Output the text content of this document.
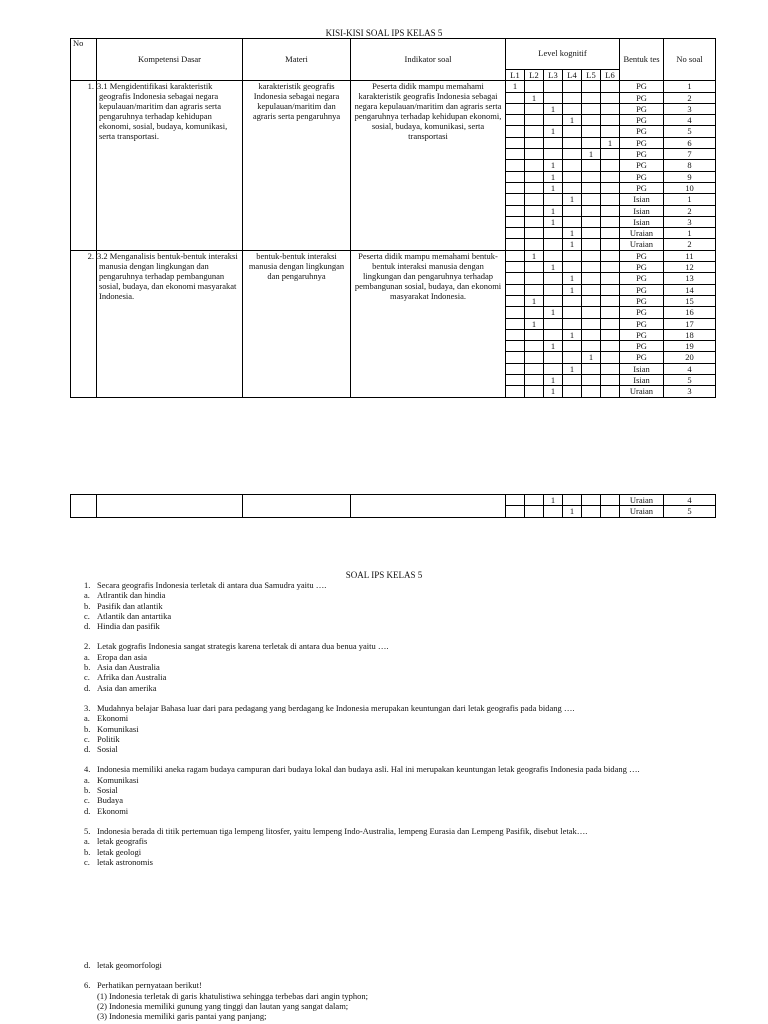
KISI-KISI SOAL IPS KELAS 5
No	Kompetensi Dasar	Materi	Indikator soal	Level kognitif						Bentuk tes	No soal
				L1	L2	L3	L4	L5	L6		
1.	3.1 Mengidentifikasi karakteristik geografis Indonesia sebagai negara kepulauan/maritim dan agraris serta pengaruhnya terhadap kehidupan ekonomi, sosial, budaya, komunikasi, serta transportasi.	karakteristik geografis Indonesia sebagai negara kepulauan/maritim dan agraris serta pengaruhnya	Peserta didik mampu memahami karakteristik geografis Indonesia sebagai negara kepulauan/maritim dan agraris serta pengaruhnya terhadap kehidupan ekonomi, sosial, budaya, komunikasi, serta transportasi	1						PG	1
					1					PG	2
						1				PG	3
							1			PG	4
						1				PG	5
									1	PG	6
								1		PG	7
						1				PG	8
						1				PG	9
						1				PG	10
							1			Isian	1
						1				Isian	2
						1				Isian	3
							1			Uraian	1
							1			Uraian	2
2.	3.2 Menganalisis bentuk-bentuk interaksi manusia dengan lingkungan dan pengaruhnya terhadap pembangunan sosial, budaya, dan ekonomi masyarakat Indonesia.	bentuk-bentuk interaksi manusia dengan lingkungan dan pengaruhnya	Peserta didik mampu memahami bentuk-bentuk interaksi manusia dengan lingkungan dan pengaruhnya terhadap pembangunan sosial, budaya, dan ekonomi masyarakat Indonesia.		1					PG	11
						1				PG	12
							1			PG	13
							1			PG	14
					1					PG	15
						1				PG	16
					1					PG	17
							1			PG	18
						1				PG	19
								1		PG	20
							1			Isian	4
						1				Isian	5
						1				Uraian	3
						1				Uraian	4
							1			Uraian	5
SOAL IPS KELAS 5
1. Secara geografis Indonesia terletak di antara dua Samudra yaitu ….
a. Atlrantik dan hindia
b. Pasifik dan atlantik
c. Atlantik dan antartika
d. Hindia dan pasifik
2. Letak gografis Indonesia sangat strategis karena terletak di antara dua benua yaitu ….
a. Eropa dan asia
b. Asia dan Australia
c. Afrika dan Australia
d. Asia dan amerika
3. Mudahnya belajar Bahasa luar dari para pedagang yang berdagang ke Indonesia merupakan keuntungan dari letak geografis pada bidang ….
a. Ekonomi
b. Komunikasi
c. Politik
d. Sosial
4. Indonesia memiliki aneka ragam budaya campuran dari budaya lokal dan budaya asli. Hal ini merupakan keuntungan letak geografis Indonesia pada bidang ….
a. Komunikasi
b. Sosial
c. Budaya
d. Ekonomi
5. Indonesia berada di titik pertemuan tiga lempeng litosfer, yaitu lempeng Indo-Australia, lempeng Eurasia dan Lempeng Pasifik, disebut letak….
a. letak geografis
b. letak geologi
c. letak astronomis
d. letak geomorfologi
6. Perhatikan pernyataan berikut!
(1) Indonesia terletak di garis khatulistiwa sehingga terbebas dari angin typhon;
(2) Indonesia memiliki gunung yang tinggi dan lautan yang sangat dalam;
(3) Indonesia memiliki garis pantai yang panjang;
